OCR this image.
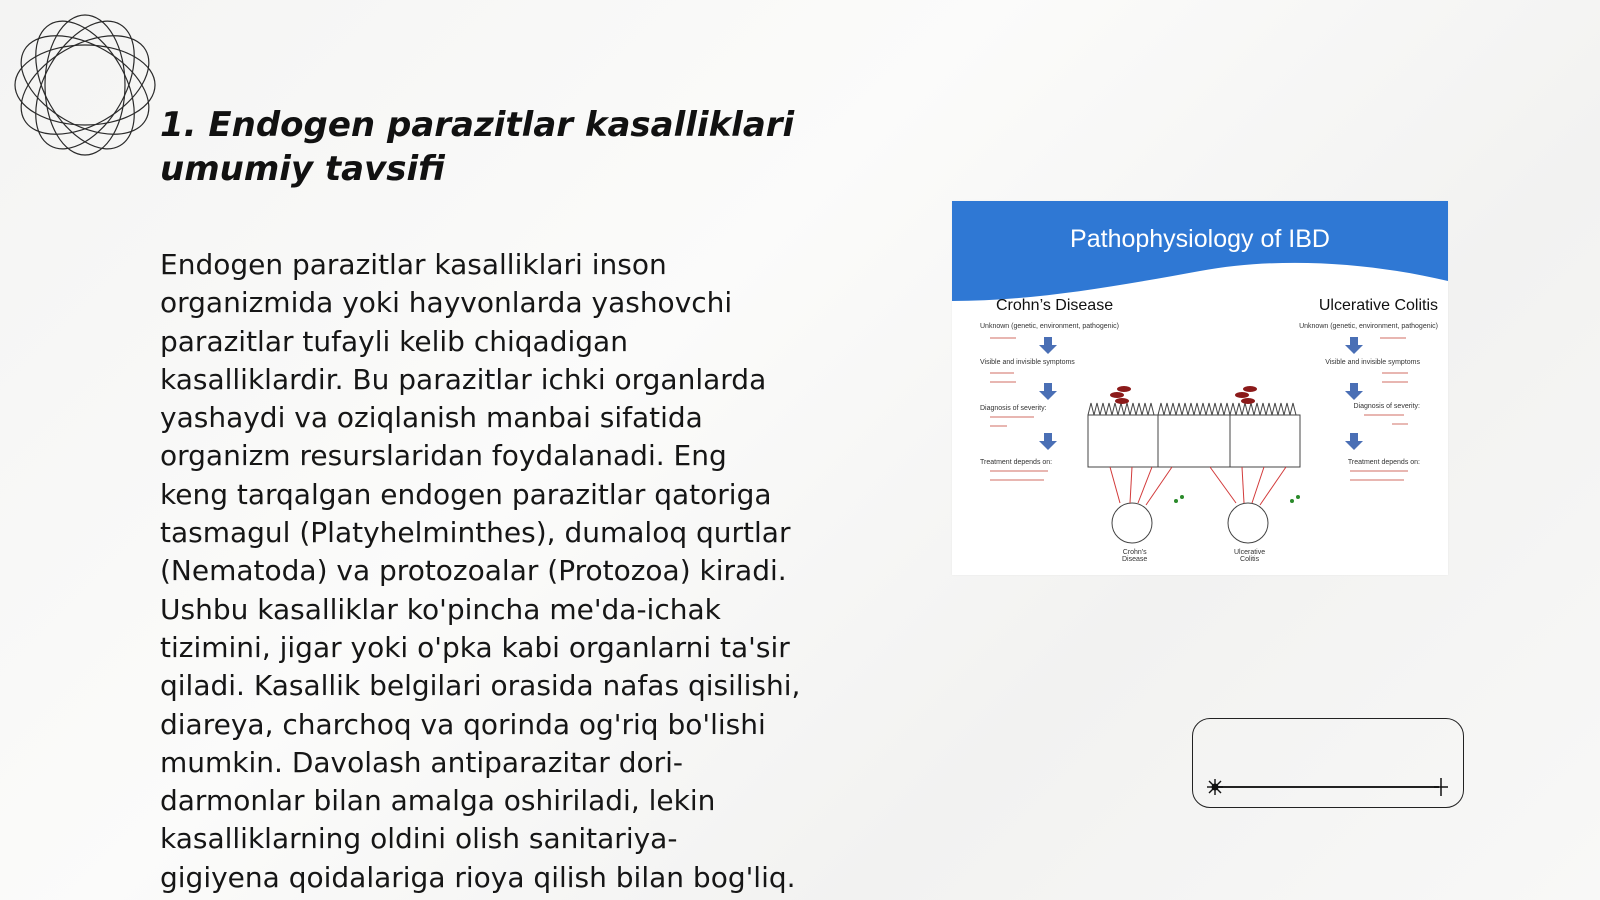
1. Endogen parazitlar kasalliklari
umumiy tavsifi

Endogen parazitlar kasalliklari inson
organizmida yoki hayvonlarda yashovchi
parazitlar tufayli kelib chiqadigan
kasalliklardir. Bu parazitlar ichki organlarda
yashaydi va oziqlanish manbai sifatida
organizm resurslaridan foydalanadi. Eng
keng tarqalgan endogen parazitlar qatoriga
tasmagul (Platyhelminthes), dumaloq qurtlar
(Nematoda) va protozoalar (Protozoa) kiradi.
Ushbu kasalliklar ko'pincha me'da-ichak
tizimini, jigar yoki o'pka kabi organlarni ta'sir
qiladi. Kasallik belgilari orasida nafas qisilishi,
diareya, charchoq va qorinda og'riq bo'lishi
mumkin. Davolash antiparazitar dori-
darmonlar bilan amalga oshiriladi, lekin
kasalliklarning oldini olish sanitariya-
gigiyena qoidalariga rioya qilish bilan bog'liq.

Pathophysiology of IBD
Crohn’s Disease	Ulcerative Colitis
Unknown (genetic, environment, pathogenic)
Visible and invisible symptoms
Diagnosis of severity:
Treatment depends on:
Unknown (genetic, environment, pathogenic)
Visible and invisible symptoms
Diagnosis of severity:
Treatment depends on:
Crohn's
Disease
Ulcerative
Colitis
